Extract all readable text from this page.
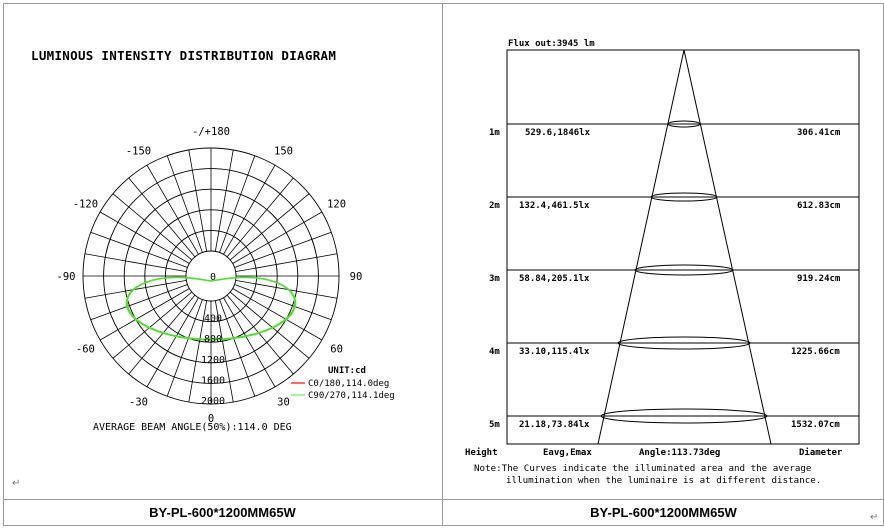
LUMINOUS INTENSITY DISTRIBUTION DIAGRAM
-/+180
-150	150
-120	120
-90	90
-60	60
-30	30
0
0
400
800
1200
1600
2000
UNIT:cd
C0/180,114.0deg
C90/270,114.1deg
AVERAGE BEAM ANGLE(50%):114.0 DEG
Flux out:3945 lm
1m	529.6,1846lx	306.41cm
2m 132.4,461.5lx	612.83cm
3m 58.84,205.1lx	919.24cm
4m 33.10,115.4lx	1225.66cm
5m 21.18,73.84lx	1532.07cm
Height	Eavg,Emax	Angle:113.73deg	Diameter
Note:The Curves indicate the illuminated area and the average
illumination when the luminaire is at different distance.
BY-PL-600*1200MM65W	BY-PL-600*1200MM65W
↵
↵
